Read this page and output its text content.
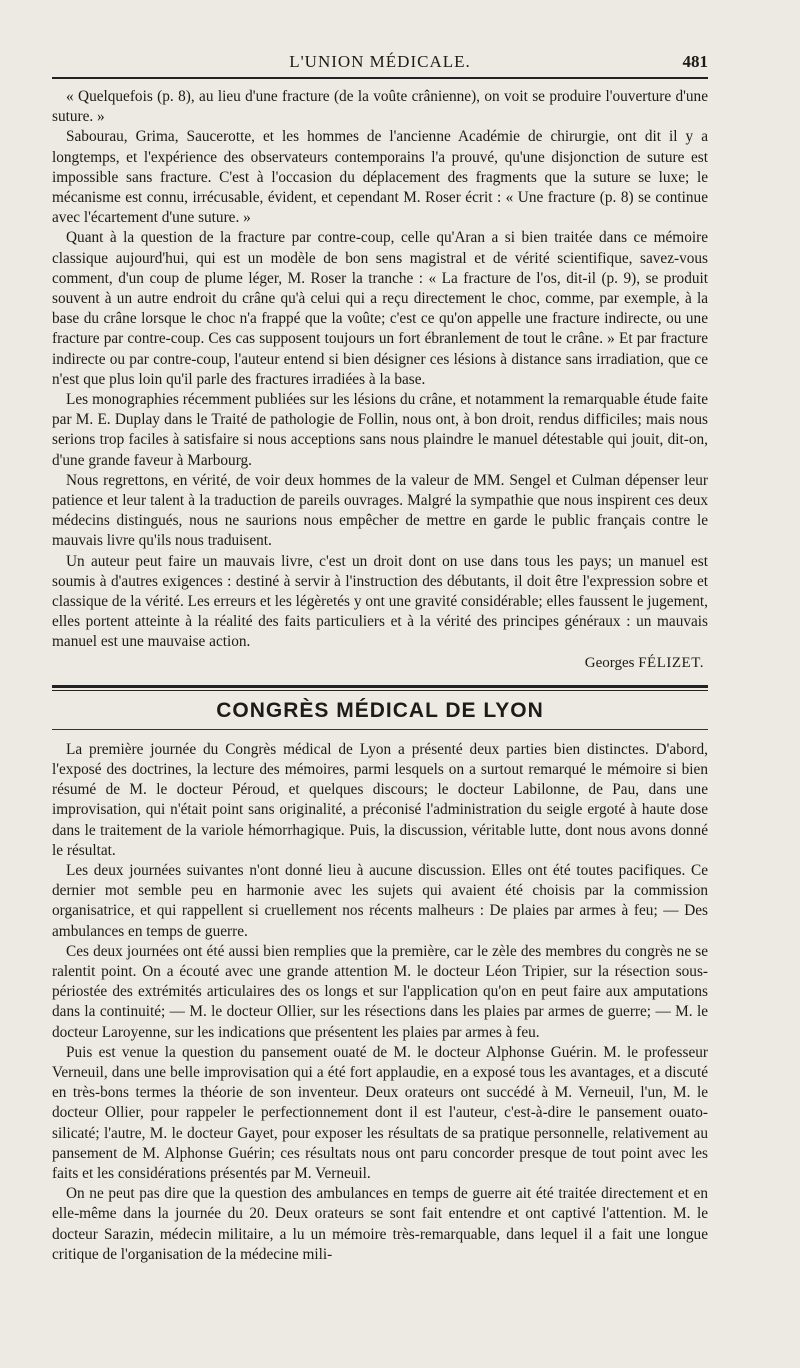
L'UNION MÉDICALE.	481

« Quelquefois (p. 8), au lieu d'une fracture (de la voûte crânienne), on voit se produire l'ouverture d'une suture. »

Sabourau, Grima, Saucerotte, et les hommes de l'ancienne Académie de chirurgie, ont dit il y a longtemps, et l'expérience des observateurs contemporains l'a prouvé, qu'une disjonction de suture est impossible sans fracture. C'est à l'occasion du déplacement des fragments que la suture se luxe; le mécanisme est connu, irrécusable, évident, et cependant M. Roser écrit : « Une fracture (p. 8) se continue avec l'écartement d'une suture. »

Quant à la question de la fracture par contre-coup, celle qu'Aran a si bien traitée dans ce mémoire classique aujourd'hui, qui est un modèle de bon sens magistral et de vérité scientifique, savez-vous comment, d'un coup de plume léger, M. Roser la tranche : « La fracture de l'os, dit-il (p. 9), se produit souvent à un autre endroit du crâne qu'à celui qui a reçu directement le choc, comme, par exemple, à la base du crâne lorsque le choc n'a frappé que la voûte; c'est ce qu'on appelle une fracture indirecte, ou une fracture par contre-coup. Ces cas supposent toujours un fort ébranlement de tout le crâne. » Et par fracture indirecte ou par contre-coup, l'auteur entend si bien désigner ces lésions à distance sans irradiation, que ce n'est que plus loin qu'il parle des fractures irradiées à la base.

Les monographies récemment publiées sur les lésions du crâne, et notamment la remarquable étude faite par M. E. Duplay dans le Traité de pathologie de Follin, nous ont, à bon droit, rendus difficiles; mais nous serions trop faciles à satisfaire si nous acceptions sans nous plaindre le manuel détestable qui jouit, dit-on, d'une grande faveur à Marbourg.

Nous regrettons, en vérité, de voir deux hommes de la valeur de MM. Sengel et Culman dépenser leur patience et leur talent à la traduction de pareils ouvrages. Malgré la sympathie que nous inspirent ces deux médecins distingués, nous ne saurions nous empêcher de mettre en garde le public français contre le mauvais livre qu'ils nous traduisent.

Un auteur peut faire un mauvais livre, c'est un droit dont on use dans tous les pays; un manuel est soumis à d'autres exigences : destiné à servir à l'instruction des débutants, il doit être l'expression sobre et classique de la vérité. Les erreurs et les légèretés y ont une gravité considérable; elles faussent le jugement, elles portent atteinte à la réalité des faits particuliers et à la vérité des principes généraux : un mauvais manuel est une mauvaise action.

Georges FÉLIZET.
CONGRÈS MÉDICAL DE LYON

La première journée du Congrès médical de Lyon a présenté deux parties bien distinctes. D'abord, l'exposé des doctrines, la lecture des mémoires, parmi lesquels on a surtout remarqué le mémoire si bien résumé de M. le docteur Péroud, et quelques discours; le docteur Labilonne, de Pau, dans une improvisation, qui n'était point sans originalité, a préconisé l'administration du seigle ergoté à haute dose dans le traitement de la variole hémorrhagique. Puis, la discussion, véritable lutte, dont nous avons donné le résultat.

Les deux journées suivantes n'ont donné lieu à aucune discussion. Elles ont été toutes pacifiques. Ce dernier mot semble peu en harmonie avec les sujets qui avaient été choisis par la commission organisatrice, et qui rappellent si cruellement nos récents malheurs : De plaies par armes à feu; — Des ambulances en temps de guerre.

Ces deux journées ont été aussi bien remplies que la première, car le zèle des membres du congrès ne se ralentit point. On a écouté avec une grande attention M. le docteur Léon Tripier, sur la résection sous-périostée des extrémités articulaires des os longs et sur l'application qu'on en peut faire aux amputations dans la continuité; — M. le docteur Ollier, sur les résections dans les plaies par armes de guerre; — M. le docteur Laroyenne, sur les indications que présentent les plaies par armes à feu.

Puis est venue la question du pansement ouaté de M. le docteur Alphonse Guérin. M. le professeur Verneuil, dans une belle improvisation qui a été fort applaudie, en a exposé tous les avantages, et a discuté en très-bons termes la théorie de son inventeur. Deux orateurs ont succédé à M. Verneuil, l'un, M. le docteur Ollier, pour rappeler le perfectionnement dont il est l'auteur, c'est-à-dire le pansement ouato-silicaté; l'autre, M. le docteur Gayet, pour exposer les résultats de sa pratique personnelle, relativement au pansement de M. Alphonse Guérin; ces résultats nous ont paru concorder presque de tout point avec les faits et les considérations présentés par M. Verneuil.

On ne peut pas dire que la question des ambulances en temps de guerre ait été traitée directement et en elle-même dans la journée du 20. Deux orateurs se sont fait entendre et ont captivé l'attention. M. le docteur Sarazin, médecin militaire, a lu un mémoire très-remarquable, dans lequel il a fait une longue critique de l'organisation de la médecine mili-
